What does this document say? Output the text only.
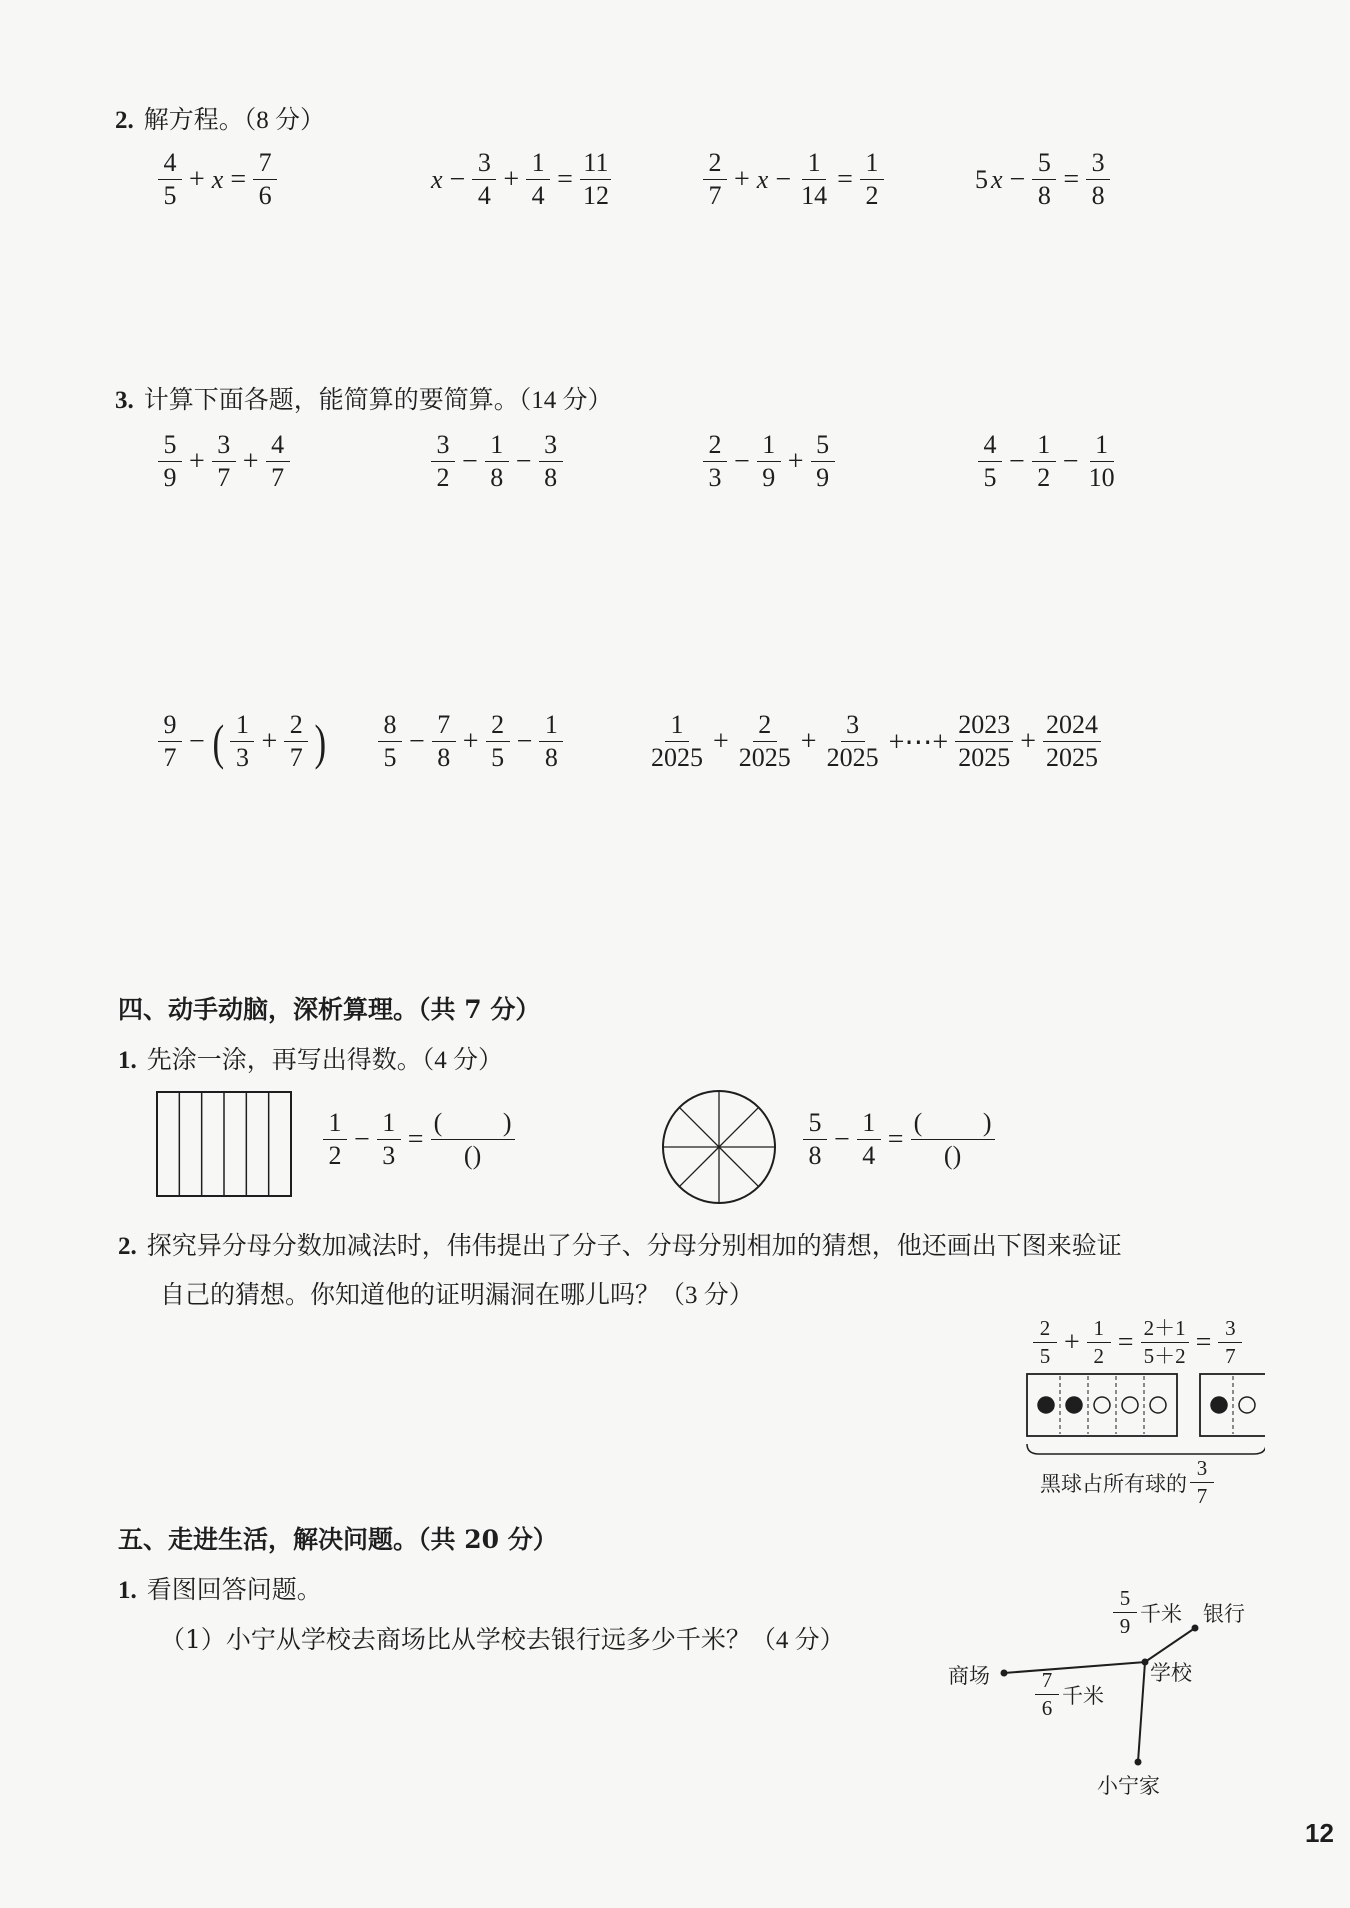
2. 解方程。（8 分）
$\frac{4}{5} + x = \frac{7}{6}$	$x - \frac{3}{4} + \frac{1}{4} = \frac{11}{12}$	$\frac{2}{7} + x - \frac{1}{14} = \frac{1}{2}$	5 $x - \frac{5}{8} = \frac{3}{8}$
3. 计算下面各题，能简算的要简算。（14 分）
$\frac{5}{9} + \frac{3}{7} + \frac{4}{7}$	$\frac{3}{2} - \frac{1}{8} - \frac{3}{8}$	$\frac{2}{3} - \frac{1}{9} + \frac{5}{9}$	$\frac{4}{5} - \frac{1}{2} - \frac{1}{10}$
$\frac{9}{7}$ − ( $\frac{1}{3} + \frac{2}{7}$ ) $\frac{8}{5} - \frac{7}{8} + \frac{2}{5} - \frac{1}{8}$	$\frac{1}{2025} + \frac{2}{2025} + \frac{3}{2025}$ +⋯+ $\frac{2023}{2025} + \frac{2024}{2025}$
四、动手动脑，深析算理。（共 7 分）
1. 先涂一涂，再写出得数。（4 分）
$\frac{1}{2} - \frac{1}{3}$ =
( )
( )	$\frac{5}{8} - \frac{1}{4}$ =
( )
( )
2. 探究异分母分数加减法时，伟伟提出了分子、分母分别相加的猜想，他还画出下图来验证
自己的猜想。你知道他的证明漏洞在哪儿吗？（3 分）
$\frac{2}{5} + \frac{1}{2} = \frac{2+1}{5+2} = \frac{3}{7}$
黑球占所有球的 $\frac{3}{7}$
五、走进生活，解决问题。（共 20 分）
1. 看图回答问题。
（1）小宁从学校去商场比从学校去银行远多少千米？（4 分）
银行
学校
商场
小宁家
$\frac{5}{9}$ 千米
$\frac{7}{6}$ 千米
12
